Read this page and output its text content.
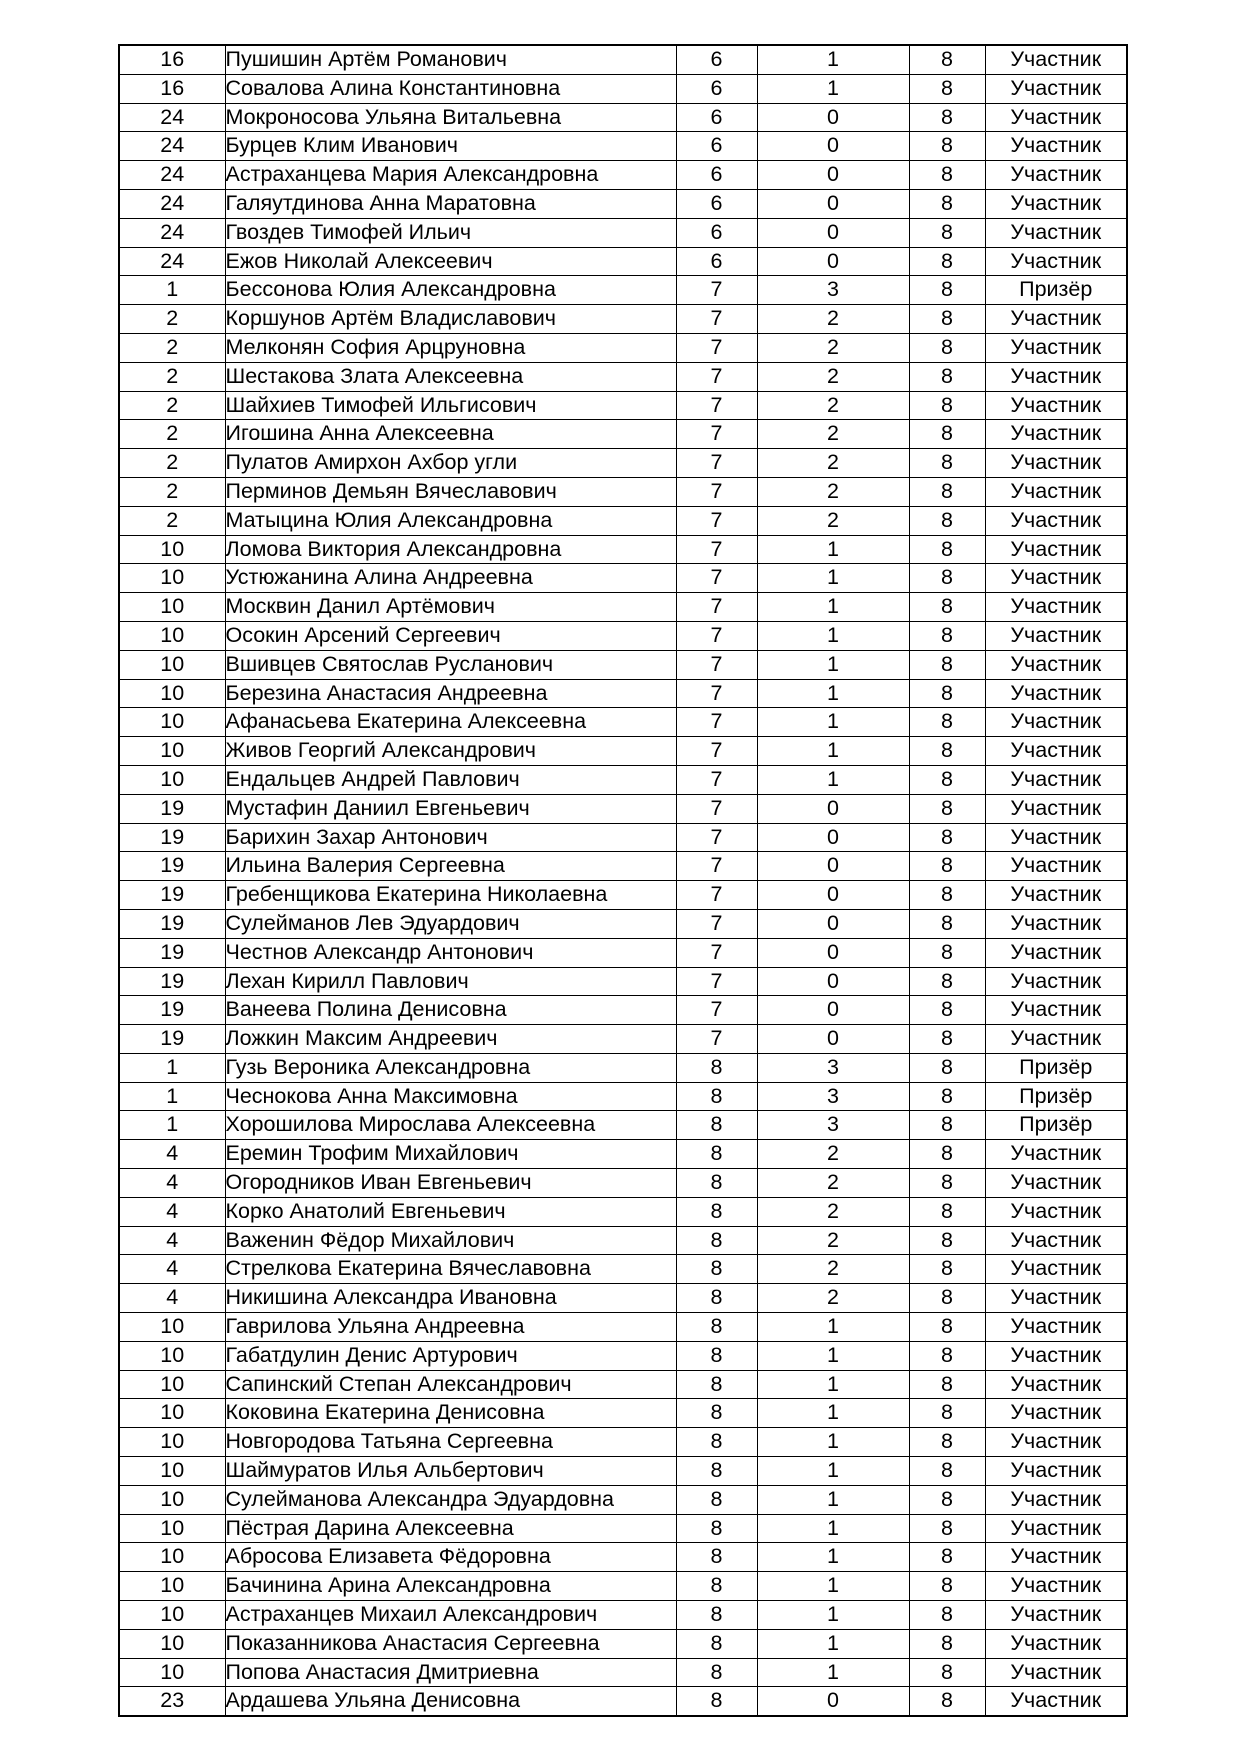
16	Пушишин Артём Романович	6	1	8	Участник
16	Совалова Алина Константиновна	6	1	8	Участник
24	Мокроносова Ульяна Витальевна	6	0	8	Участник
24	Бурцев Клим Иванович	6	0	8	Участник
24	Астраханцева Мария Александровна	6	0	8	Участник
24	Галяутдинова Анна Маратовна	6	0	8	Участник
24	Гвоздев Тимофей Ильич	6	0	8	Участник
24	Ежов Николай Алексеевич	6	0	8	Участник
1	Бессонова Юлия Александровна	7	3	8	Призёр
2	Коршунов Артём Владиславович	7	2	8	Участник
2	Мелконян София Арцруновна	7	2	8	Участник
2	Шестакова Злата Алексеевна	7	2	8	Участник
2	Шайхиев Тимофей Ильгисович	7	2	8	Участник
2	Игошина Анна Алексеевна	7	2	8	Участник
2	Пулатов Амирхон Ахбор угли	7	2	8	Участник
2	Перминов Демьян Вячеславович	7	2	8	Участник
2	Матыцина Юлия Александровна	7	2	8	Участник
10	Ломова Виктория Александровна	7	1	8	Участник
10	Устюжанина Алина Андреевна	7	1	8	Участник
10	Москвин Данил Артёмович	7	1	8	Участник
10	Осокин Арсений Сергеевич	7	1	8	Участник
10	Вшивцев Святослав Русланович	7	1	8	Участник
10	Березина Анастасия Андреевна	7	1	8	Участник
10	Афанасьева Екатерина Алексеевна	7	1	8	Участник
10	Живов Георгий Александрович	7	1	8	Участник
10	Ендальцев Андрей Павлович	7	1	8	Участник
19	Мустафин Даниил Евгеньевич	7	0	8	Участник
19	Барихин Захар Антонович	7	0	8	Участник
19	Ильина Валерия Сергеевна	7	0	8	Участник
19	Гребенщикова Екатерина Николаевна	7	0	8	Участник
19	Сулейманов Лев Эдуардович	7	0	8	Участник
19	Честнов Александр Антонович	7	0	8	Участник
19	Лехан Кирилл Павлович	7	0	8	Участник
19	Ванеева Полина Денисовна	7	0	8	Участник
19	Ложкин Максим Андреевич	7	0	8	Участник
1	Гузь Вероника Александровна	8	3	8	Призёр
1	Чеснокова Анна Максимовна	8	3	8	Призёр
1	Хорошилова Мирослава Алексеевна	8	3	8	Призёр
4	Еремин Трофим Михайлович	8	2	8	Участник
4	Огородников Иван Евгеньевич	8	2	8	Участник
4	Корко Анатолий Евгеньевич	8	2	8	Участник
4	Важенин Фёдор Михайлович	8	2	8	Участник
4	Стрелкова Екатерина Вячеславовна	8	2	8	Участник
4	Никишина Александра Ивановна	8	2	8	Участник
10	Гаврилова Ульяна Андреевна	8	1	8	Участник
10	Габатдулин Денис Артурович	8	1	8	Участник
10	Сапинский Степан Александрович	8	1	8	Участник
10	Коковина Екатерина Денисовна	8	1	8	Участник
10	Новгородова Татьяна Сергеевна	8	1	8	Участник
10	Шаймуратов Илья Альбертович	8	1	8	Участник
10	Сулейманова Александра Эдуардовна	8	1	8	Участник
10	Пёстрая Дарина Алексеевна	8	1	8	Участник
10	Абросова Елизавета Фёдоровна	8	1	8	Участник
10	Бачинина Арина Александровна	8	1	8	Участник
10	Астраханцев Михаил Александрович	8	1	8	Участник
10	Показанникова Анастасия Сергеевна	8	1	8	Участник
10	Попова Анастасия Дмитриевна	8	1	8	Участник
23	Ардашева Ульяна Денисовна	8	0	8	Участник
